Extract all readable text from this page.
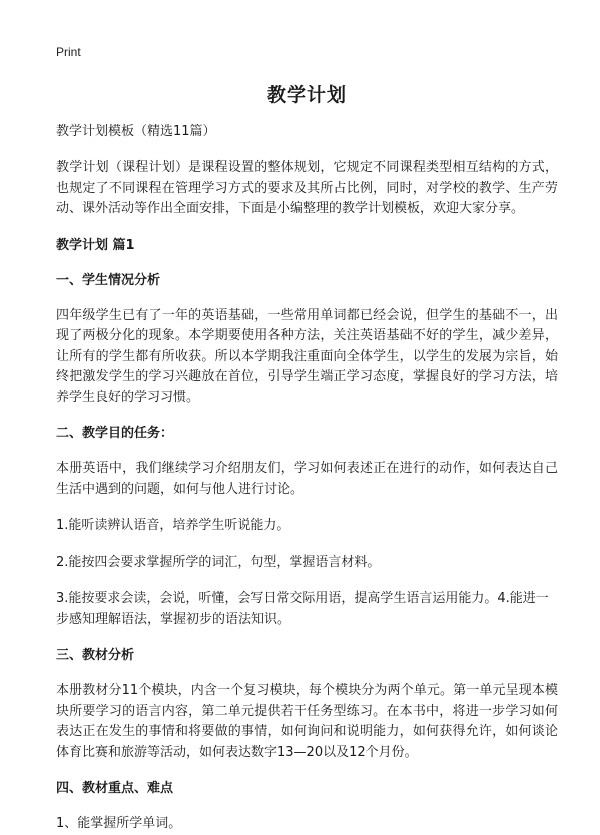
Print
教学计划
教学计划模板（精选11篇）
教学计划（课程计划）是课程设置的整体规划，它规定不同课程类型相互结构的方式，也规定了不同课程在管理学习方式的要求及其所占比例，同时，对学校的教学、生产劳动、课外活动等作出全面安排，下面是小编整理的教学计划模板，欢迎大家分享。
教学计划 篇1
一、学生情况分析
四年级学生已有了一年的英语基础，一些常用单词都已经会说，但学生的基础不一，出现了两极分化的现象。本学期要使用各种方法，关注英语基础不好的学生，减少差异，让所有的学生都有所收获。所以本学期我注重面向全体学生，以学生的发展为宗旨，始终把激发学生的学习兴趣放在首位，引导学生端正学习态度，掌握良好的学习方法，培养学生良好的学习习惯。
二、教学目的任务：
本册英语中，我们继续学习介绍朋友们，学习如何表述正在进行的动作，如何表达自己生活中遇到的问题，如何与他人进行讨论。
1.能听读辨认语音，培养学生听说能力。
2.能按四会要求掌握所学的词汇，句型，掌握语言材料。
3.能按要求会读，会说，听懂，会写日常交际用语，提高学生语言运用能力。4.能进一步感知理解语法，掌握初步的语法知识。
三、教材分析
本册教材分11个模块，内含一个复习模块，每个模块分为两个单元。第一单元呈现本模块所要学习的语言内容，第二单元提供若干任务型练习。在本书中，将进一步学习如何表达正在发生的事情和将要做的事情，如何询问和说明能力，如何获得允许，如何谈论体育比赛和旅游等活动，如何表达数字13—20以及12个月份。
四、教材重点、难点
1、能掌握所学单词。
